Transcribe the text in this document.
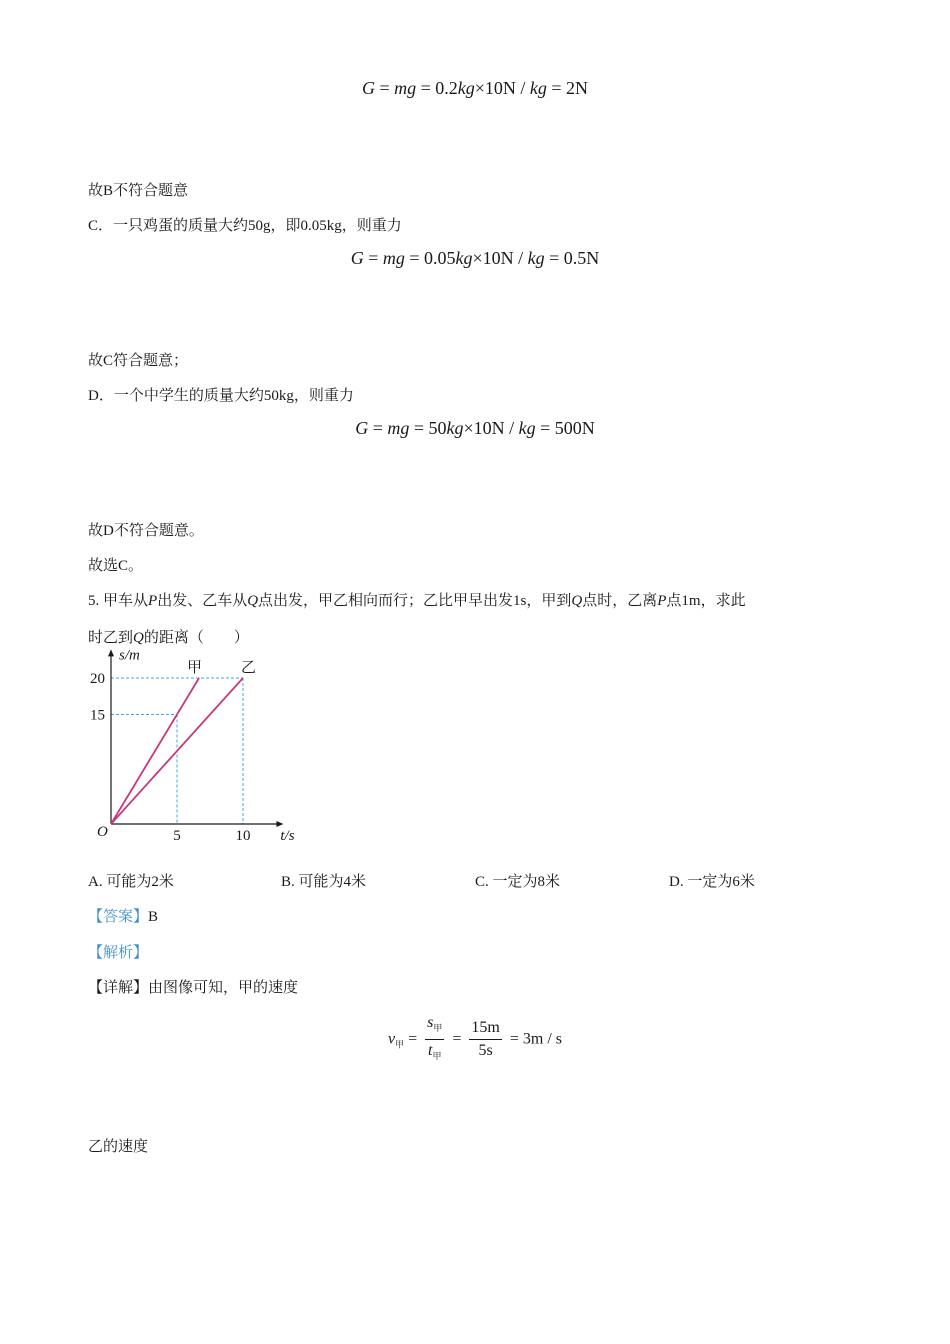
G = mg = 0.2kg×10N / kg = 2N
故B不符合题意
C．一只鸡蛋的质量大约50g，即0.05kg，则重力
G = mg = 0.05kg×10N / kg = 0.5N
故C符合题意；
D．一个中学生的质量大约50kg，则重力
G = mg = 50kg×10N / kg = 500N
故D不符合题意。
故选C。
5. 甲车从P出发、乙车从Q点出发，甲乙相向而行；乙比甲早出发1s，甲到Q点时，乙离P点1m，求此
时乙到Q的距离（　　）
甲	乙
5	10
15
20
s/m
t/s
O
A. 可能为2米	B. 可能为4米	C. 一定为8米	D. 一定为6米
【答案】B
【解析】
【详解】由图像可知，甲的速度
$v_甲 = \frac{s_甲}{t_甲} = \frac{15m}{5s} = 3m / s$
乙的速度
